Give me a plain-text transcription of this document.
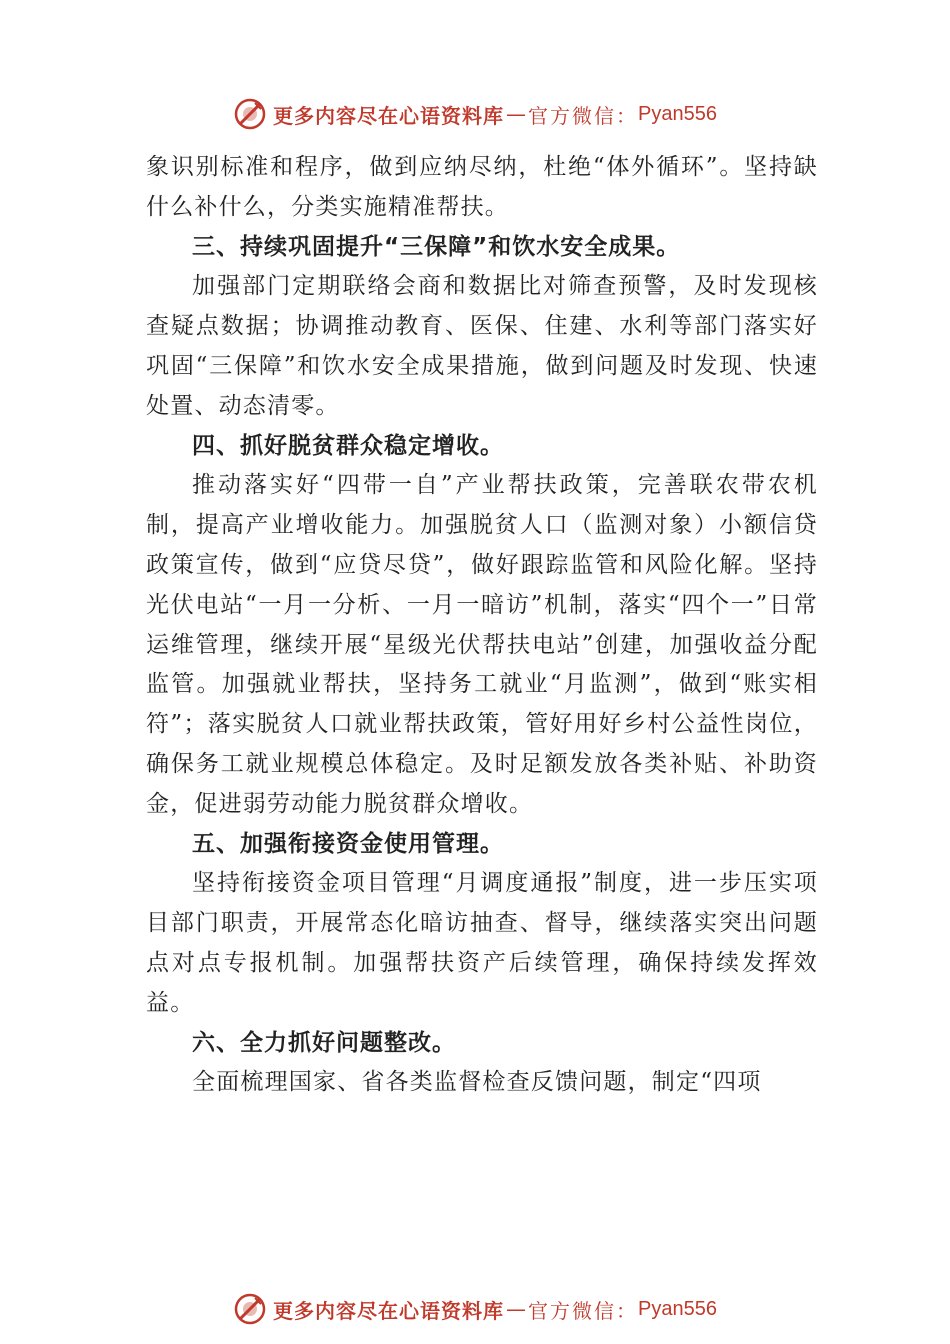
更多内容尽在心语资料库 — 官方微信： Pyan556

象识别标准和程序，做到应纳尽纳，杜绝“体外循环”。坚持缺什么补什么，分类实施精准帮扶。

三、持续巩固提升“三保障”和饮水安全成果。

加强部门定期联络会商和数据比对筛查预警，及时发现核查疑点数据；协调推动教育、医保、住建、水利等部门落实好巩固“三保障”和饮水安全成果措施，做到问题及时发现、快速处置、动态清零。

四、抓好脱贫群众稳定增收。

推动落实好“四带一自”产业帮扶政策，完善联农带农机制，提高产业增收能力。加强脱贫人口（监测对象）小额信贷政策宣传，做到“应贷尽贷”，做好跟踪监管和风险化解。坚持光伏电站“一月一分析、一月一暗访”机制，落实“四个一”日常运维管理，继续开展“星级光伏帮扶电站”创建，加强收益分配监管。加强就业帮扶，坚持务工就业“月监测”，做到“账实相符”；落实脱贫人口就业帮扶政策，管好用好乡村公益性岗位，确保务工就业规模总体稳定。及时足额发放各类补贴、补助资金，促进弱劳动能力脱贫群众增收。

五、加强衔接资金使用管理。

坚持衔接资金项目管理“月调度通报”制度，进一步压实项目部门职责，开展常态化暗访抽查、督导，继续落实突出问题点对点专报机制。加强帮扶资产后续管理，确保持续发挥效益。

六、全力抓好问题整改。

全面梳理国家、省各类监督检查反馈问题，制定“四项

更多内容尽在心语资料库 — 官方微信： Pyan556
